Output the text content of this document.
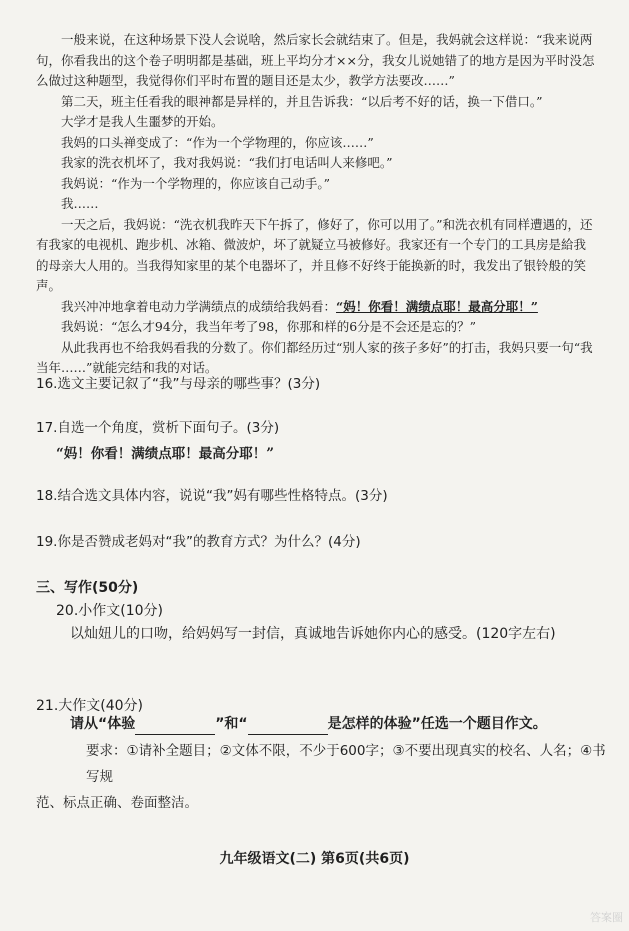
一般来说，在这种场景下没人会说啥，然后家长会就结束了。但是，我妈就会这样说：“我来说两句，你看我出的这个卷子明明都是基础，班上平均分才××分，我女儿说她错了的地方是因为平时没怎么做过这种题型，我觉得你们平时布置的题目还是太少，教学方法要改……”

第二天，班主任看我的眼神都是异样的，并且告诉我：“以后考不好的话，换一下借口。”

大学才是我人生噩梦的开始。

我妈的口头禅变成了：“作为一个学物理的，你应该……”

我家的洗衣机坏了，我对我妈说：“我们打电话叫人来修吧。”

我妈说：“作为一个学物理的，你应该自己动手。”

我……

一天之后，我妈说：“洗衣机我昨天下午拆了，修好了，你可以用了。”和洗衣机有同样遭遇的，还有我家的电视机、跑步机、冰箱、微波炉，坏了就疑立马被修好。我家还有一个专门的工具房是給我的母亲大人用的。当我得知家里的某个电器坏了，并且修不好终于能换新的时，我发出了银铃般的笑声。

我兴冲冲地拿着电动力学满绩点的成绩给我妈看：“妈！你看！满绩点耶！最高分耶！”

我妈说：“怎么才94分，我当年考了98，你那和样的6分是不会还是忘的？”

从此我再也不给我妈看我的分数了。你们都经历过“别人家的孩子多好”的打击，我妈只要一句“我当年……”就能完结和我的对话。

16.选文主要记叙了“我”与母亲的哪些事？(3分)
17.自选一个角度，赏析下面句子。(3分)
“妈！你看！满绩点耶！最高分耶！”
18.结合选文具体内容，说说“我”妈有哪些性格特点。(3分)
19.你是否赞成老妈对“我”的教育方式？为什么？(4分)
三、写作(50分)
20.小作文(10分)
以灿妞儿的口吻，给妈妈写一封信，真诚地告诉她你内心的感受。(120字左右)
21.大作文(40分)
请从“体验	”和“	是怎样的体验”任选一个题目作文。
要求：①请补全题目；②文体不限，不少于600字；③不要出现真实的校名、人名；④书写规
范、标点正确、卷面整洁。
九年级语文(二) 第6页(共6页)
答案圈
